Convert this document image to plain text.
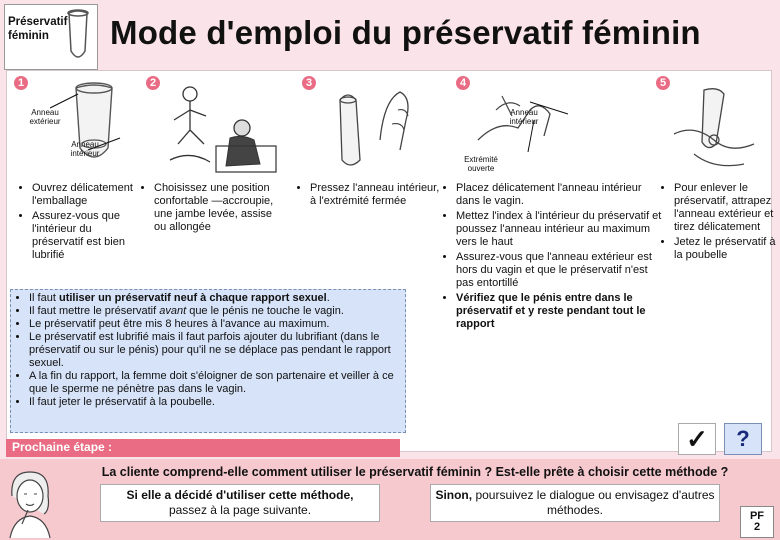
Préservatif féminin	Mode d'emploi du préservatif féminin
1
Anneau extérieur
Anneau intérieur
• Ouvrez délicatement l'emballage
• Assurez-vous que l'intérieur du préservatif est bien lubrifié
2
• Choisissez une position confortable —accroupie, une jambe levée, assise ou allongée
3
• Pressez l'anneau intérieur, à l'extrémité fermée
4
Anneau intérieur
Extrémité ouverte
• Placez délicatement l'anneau intérieur dans le vagin.
• Mettez l'index à l'intérieur du préservatif et poussez l'anneau intérieur au maximum vers le haut
• Assurez-vous que l'anneau extérieur est hors du vagin et que le préservatif n'est pas entortillé
• Vérifiez que le pénis entre dans le préservatif et y reste pendant tout le rapport
5
• Pour enlever le préservatif, attrapez l'anneau extérieur et tirez délicatement
• Jetez le préservatif à la poubelle
• Il faut utiliser un préservatif neuf à chaque rapport sexuel.
• Il faut mettre le préservatif avant que le pénis ne touche le vagin.
• Le préservatif peut être mis 8 heures à l'avance au maximum.
• Le préservatif est lubrifié mais il faut parfois ajouter du lubrifiant (dans le préservatif ou sur le pénis) pour qu'il ne se déplace pas pendant le rapport sexuel.
• A la fin du rapport, la femme doit s'éloigner de son partenaire et veiller à ce que le sperme ne pénètre pas dans le vagin.
• Il faut jeter le préservatif à la poubelle.
Prochaine étape :	✓	?
La cliente comprend-elle comment utiliser le préservatif féminin ? Est-elle prête à choisir cette méthode ?
Si elle a décidé d'utiliser cette méthode,
passez à la page suivante.
Sinon, poursuivez le dialogue ou envisagez d'autres méthodes.	PF
2
